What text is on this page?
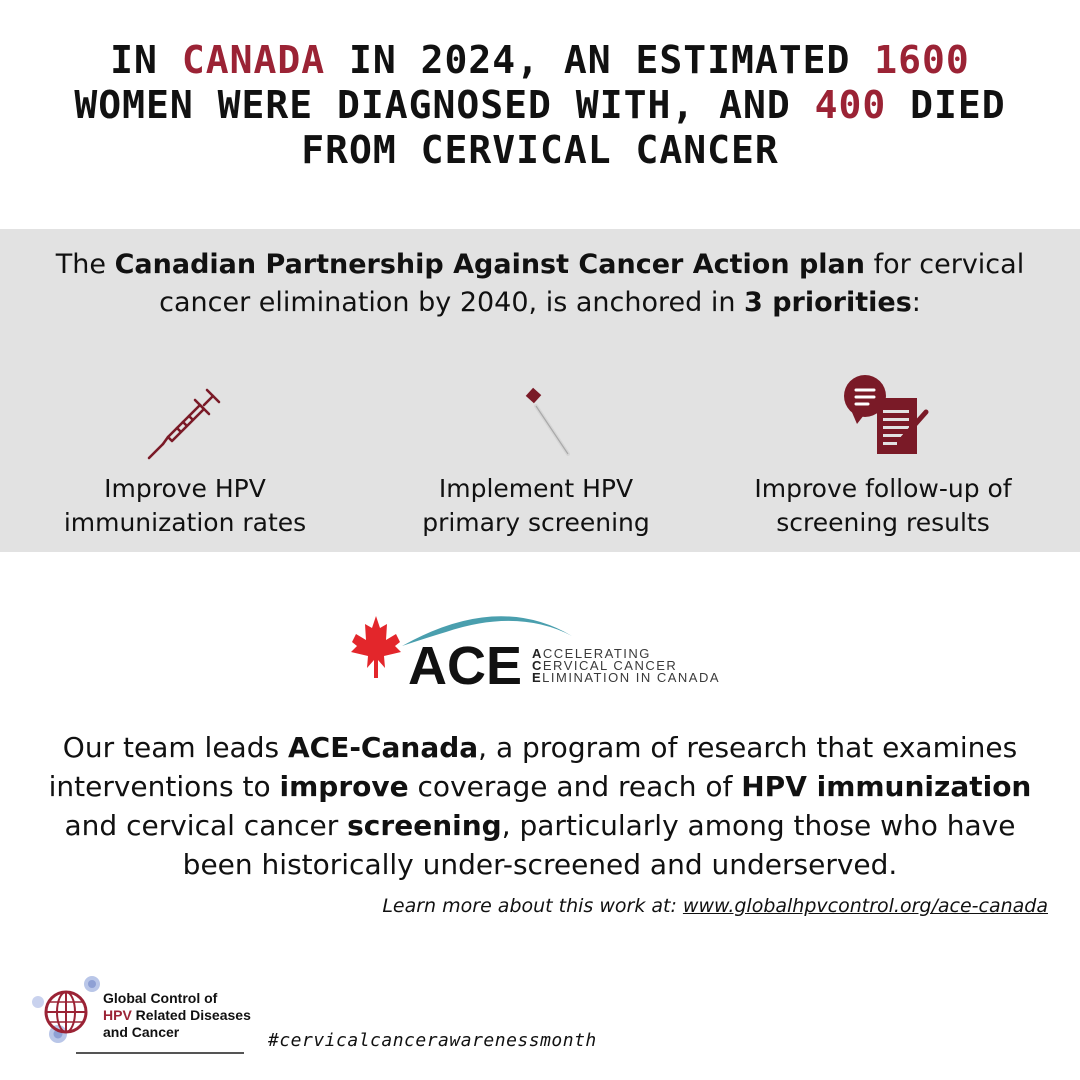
IN CANADA IN 2024, AN ESTIMATED 1600 WOMEN WERE DIAGNOSED WITH, AND 400 DIED FROM CERVICAL CANCER
The Canadian Partnership Against Cancer Action plan for cervical cancer elimination by 2040, is anchored in 3 priorities:
Improve HPV
immunization rates
Implement HPV
primary screening
Improve follow-up of
screening results
ACE ACCELERATING
CERVICAL CANCER
ELIMINATION IN CANADA
Our team leads ACE-Canada, a program of research that examines interventions to improve coverage and reach of HPV immunization and cervical cancer screening, particularly among those who have been historically under-screened and underserved.
Learn more about this work at: www.globalhpvcontrol.org/ace-canada
Global Control of
HPV Related Diseases
and Cancer	#cervicalcancerawarenessmonth
